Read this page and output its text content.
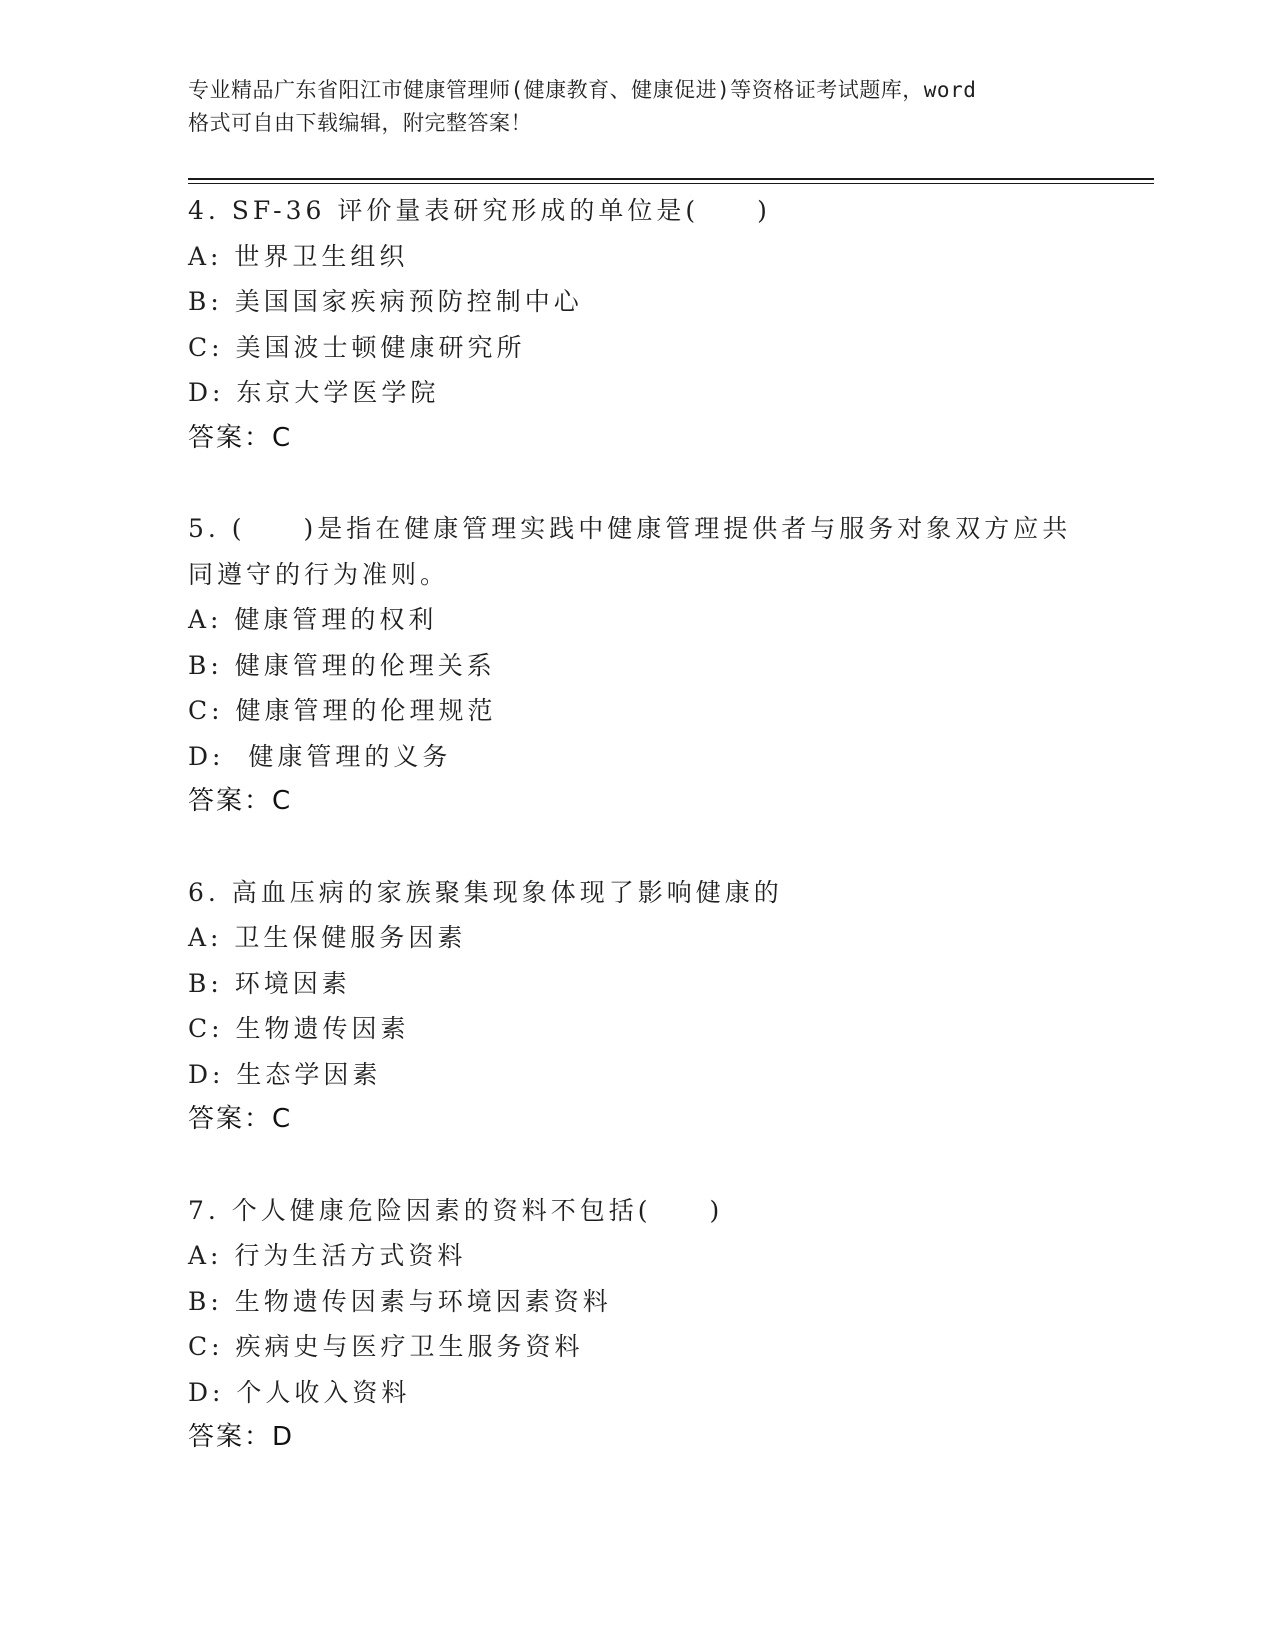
专业精品广东省阳江市健康管理师(健康教育、健康促进)等资格证考试题库，word
格式可自由下载编辑，附完整答案！
4. SF-36 评价量表研究形成的单位是(　　)
A: 世界卫生组织
B: 美国国家疾病预防控制中心
C: 美国波士顿健康研究所
D: 东京大学医学院
答案：C
5. (　　)是指在健康管理实践中健康管理提供者与服务对象双方应共同遵守的行为准则。
A: 健康管理的权利
B: 健康管理的伦理关系
C: 健康管理的伦理规范
D:  健康管理的义务
答案：C
6. 高血压病的家族聚集现象体现了影响健康的
A: 卫生保健服务因素
B: 环境因素
C: 生物遗传因素
D: 生态学因素
答案：C
7. 个人健康危险因素的资料不包括(　　)
A: 行为生活方式资料
B: 生物遗传因素与环境因素资料
C: 疾病史与医疗卫生服务资料
D: 个人收入资料
答案：D
